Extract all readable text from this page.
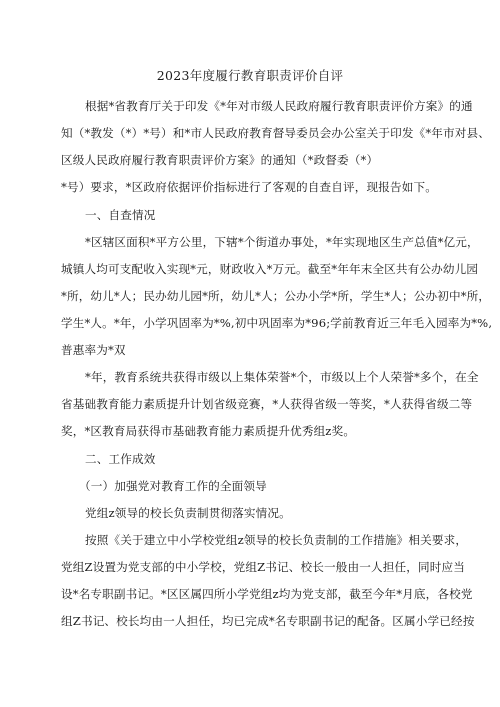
2023年度履行教育职责评价自评
根据*省教育厅关于印发《*年对市级人民政府履行教育职责评价方案》的通
知（*教发（*）*号）和*市人民政府教育督导委员会办公室关于印发《*年市对县、
区级人民政府履行教育职责评价方案》的通知（*政督委（*）
*号）要求，*区政府依据评价指标进行了客观的自查自评，现报告如下。
一、自查情况
*区辖区面积*平方公里，下辖*个街道办事处，*年实现地区生产总值*亿元，
城镇人均可支配收入实现*元，财政收入*万元。截至*年年末全区共有公办幼儿园
*所，幼儿*人；民办幼儿园*所，幼儿*人；公办小学*所，学生*人；公办初中*所，
学生*人。*年，小学巩固率为*%,初中巩固率为*96;学前教育近三年毛入园率为*%,
普惠率为*双
*年，教育系统共获得市级以上集体荣誉*个，市级以上个人荣誉*多个，在全
省基础教育能力素质提升计划省级竞赛，*人获得省级一等奖，*人获得省级二等
奖，*区教育局获得市基础教育能力素质提升优秀组z奖。
二、工作成效
（一）加强党对教育工作的全面领导
党组z领导的校长负责制贯彻落实情况。
按照《关于建立中小学校党组z领导的校长负责制的工作措施》相关要求，
党组Z设置为党支部的中小学校，党组Z书记、校长一般由一人担任，同时应当
设*名专职副书记。*区区属四所小学党组z均为党支部，截至今年*月底，各校党
组Z书记、校长均由一人担任，均已完成*名专职副书记的配备。区属小学已经按
